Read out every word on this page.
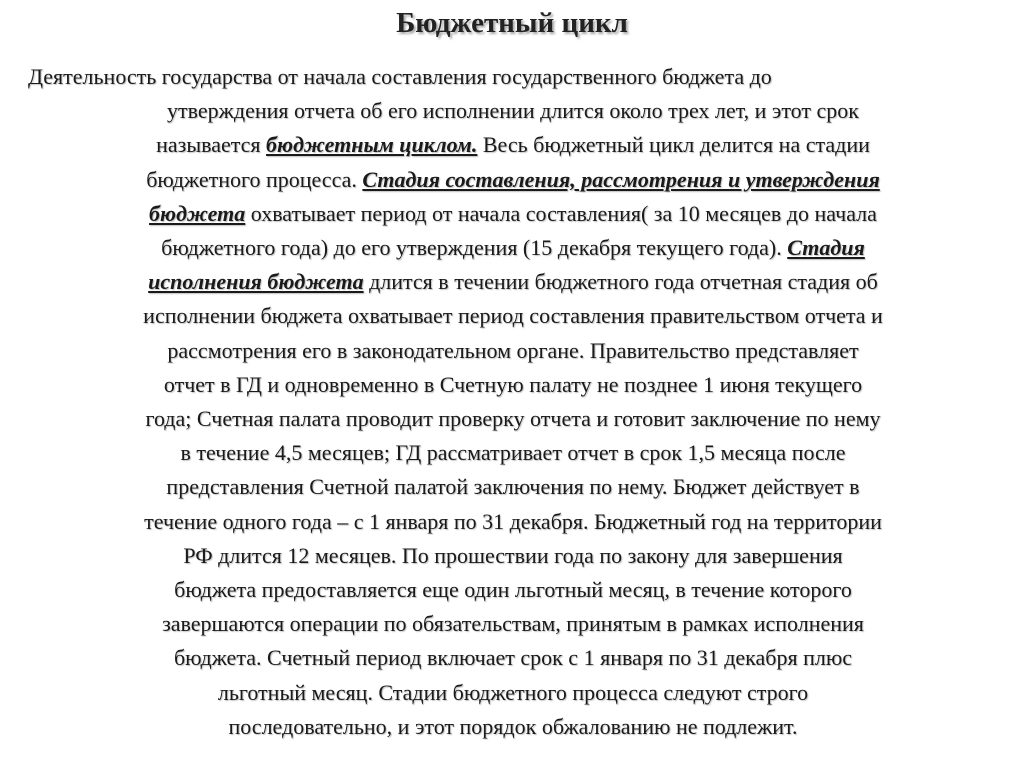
Бюджетный цикл
Деятельность государства от начала составления государственного бюджета до
утверждения отчета об его исполнении длится около трех лет, и этот срок
называется бюджетным циклом. Весь бюджетный цикл делится на стадии
бюджетного процесса. Стадия составления, рассмотрения и утверждения
бюджета охватывает период от начала составления( за 10 месяцев до начала
бюджетного года) до его утверждения (15 декабря текущего года). Стадия
исполнения бюджета длится в течении бюджетного года отчетная стадия об
исполнении бюджета охватывает период составления правительством отчета и
рассмотрения его в законодательном органе. Правительство представляет
отчет в ГД и одновременно в Счетную палату не позднее 1 июня текущего
года; Счетная палата проводит проверку отчета и готовит заключение по нему
в течение 4,5 месяцев; ГД рассматривает отчет в срок 1,5 месяца после
представления Счетной палатой заключения по нему. Бюджет действует в
течение одного года – с 1 января по 31 декабря. Бюджетный год на территории
РФ длится 12 месяцев. По прошествии года по закону для завершения
бюджета предоставляется еще один льготный месяц, в течение которого
завершаются операции по обязательствам, принятым в рамках исполнения
бюджета. Счетный период включает срок с 1 января по 31 декабря плюс
льготный месяц. Стадии бюджетного процесса следуют строго
последовательно, и этот порядок обжалованию не подлежит.
